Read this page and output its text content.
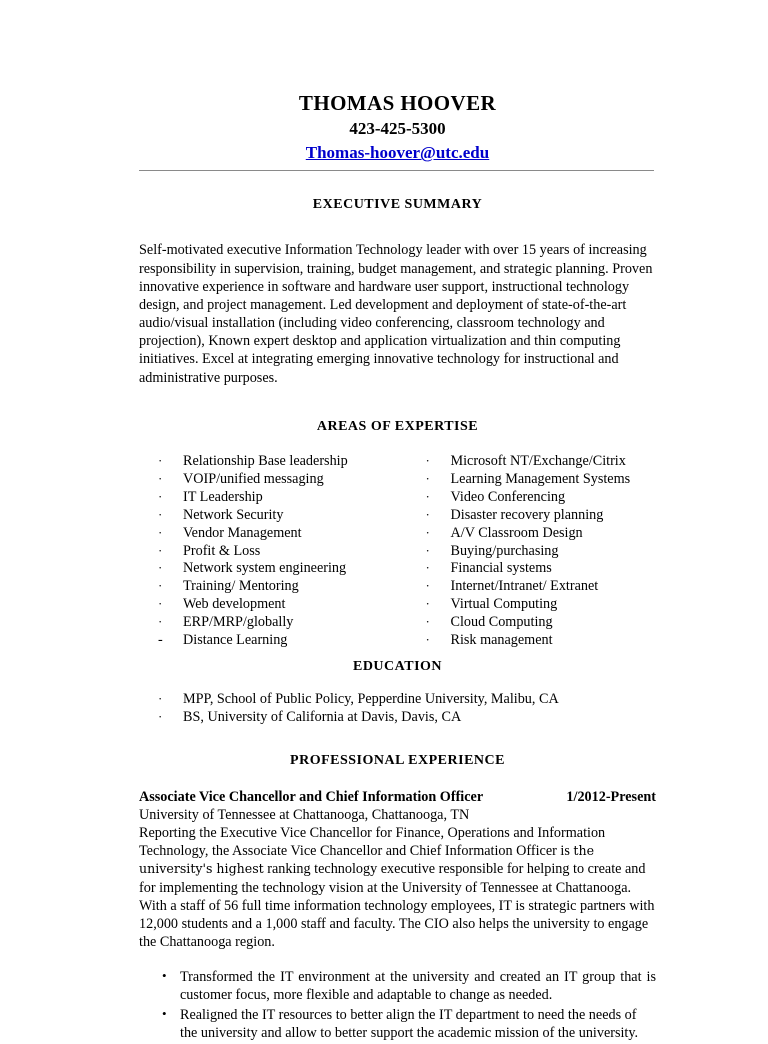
THOMAS HOOVER
423-425-5300
Thomas-hoover@utc.edu
EXECUTIVE SUMMARY

Self-motivated executive Information Technology leader with over 15 years of increasing responsibility in supervision, training, budget management, and strategic planning. Proven innovative experience in software and hardware user support, instructional technology design, and project management. Led development and deployment of state-of-the-art audio/visual installation (including video conferencing, classroom technology and projection), Known expert desktop and application virtualization and thin computing initiatives. Excel at integrating emerging innovative technology for instructional and administrative purposes.

AREAS OF EXPERTISE
·	Relationship Base leadership
·	VOIP/unified messaging
·	IT Leadership
·	Network Security
·	Vendor Management
·	Profit & Loss
·	Network system engineering
·	Training/ Mentoring
·	Web development
·	ERP/MRP/globally
-	Distance Learning
·	Microsoft NT/Exchange/Citrix
·	Learning Management Systems
·	Video Conferencing
·	Disaster recovery planning
·	A/V Classroom Design
·	Buying/purchasing
·	Financial systems
·	Internet/Intranet/ Extranet
·	Virtual Computing
·	Cloud Computing
·	Risk management
EDUCATION
·	MPP, School of Public Policy, Pepperdine University, Malibu, CA
·	BS, University of California at Davis, Davis, CA
PROFESSIONAL EXPERIENCE
Associate Vice Chancellor and Chief Information Officer	1/2012-Present

University of Tennessee at Chattanooga, Chattanooga, TN

Reporting the Executive Vice Chancellor for Finance, Operations and Information Technology, the Associate Vice Chancellor and Chief Information Officer is the university's highest ranking technology executive responsible for helping to create and for implementing the technology vision at the University of Tennessee at Chattanooga. With a staff of 56 full time information technology employees, IT is strategic partners with 12,000 students and a 1,000 staff and faculty. The CIO also helps the university to engage the Chattanooga region.

• Transformed the IT environment at the university and created an IT group that is customer focus, more flexible and adaptable to change as needed.
• Realigned the IT resources to better align the IT department to need the needs of the university and allow to better support the academic mission of the university.
